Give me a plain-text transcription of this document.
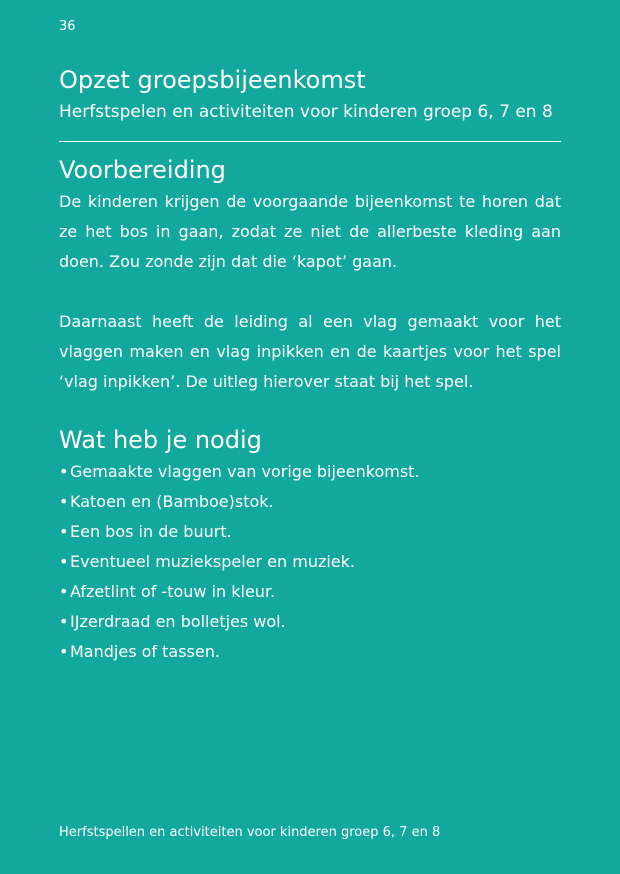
36
Opzet groepsbijeenkomst
Herfstspelen en activiteiten voor kinderen groep 6, 7 en 8
Voorbereiding

De kinderen krijgen de voorgaande bijeenkomst te horen dat ze het bos in gaan, zodat ze niet de allerbeste kleding aan doen. Zou zonde zijn dat die ‘kapot’ gaan.

Daarnaast heeft de leiding al een vlag gemaakt voor het vlaggen maken en vlag inpikken en de kaartjes voor het spel ‘vlag inpikken’. De uitleg hierover staat bij het spel.

Wat heb je nodig
•Gemaakte vlaggen van vorige bijeenkomst.
•Katoen en (Bamboe)stok.
•Een bos in de buurt.
•Eventueel muziekspeler en muziek.
•Afzetlint of -touw in kleur.
•IJzerdraad en bolletjes wol.
•Mandjes of tassen.
Herfstspellen en activiteiten voor kinderen groep 6, 7 en 8
